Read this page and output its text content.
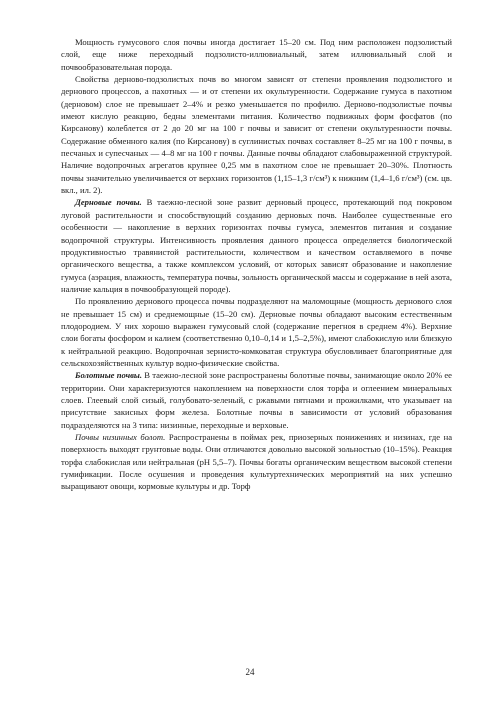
Мощность гумусового слоя почвы иногда достигает 15–20 см. Под ним расположен подзолистый слой, еще ниже переходный подзолисто-иллювиальный, затем иллювиальный слой и почвообразовательная порода.

Свойства дерново-подзолистых почв во многом зависят от степени проявления подзолистого и дернового процессов, а пахотных — и от степени их окультуренности. Содержание гумуса в пахотном (дерновом) слое не превышает 2–4% и резко уменьшается по профилю. Дерново-подзолистые почвы имеют кислую реакцию, бедны элементами питания. Количество подвижных форм фосфатов (по Кирсанову) колеблется от 2 до 20 мг на 100 г почвы и зависит от степени окультуренности почвы. Содержание обменного калия (по Кирсанову) в суглинистых почвах составляет 8–25 мг на 100 г почвы, в песчаных и супесчаных — 4–8 мг на 100 г почвы. Данные почвы обладают слабовыраженной структурой. Наличие водопрочных агрегатов крупнее 0,25 мм в пахотном слое не превышает 20–30%. Плотность почвы значительно увеличивается от верхних горизонтов (1,15–1,3 г/см³) к нижним (1,4–1,6 г/см³) (см. цв. вкл., ил. 2).

Дерновые почвы. В таежно-лесной зоне развит дерновый процесс, протекающий под покровом луговой растительности и способствующий созданию дерновых почв. Наиболее существенные его особенности — накопление в верхних горизонтах почвы гумуса, элементов питания и создание водопрочной структуры. Интенсивность проявления данного процесса определяется биологической продуктивностью травянистой растительности, количеством и качеством оставляемого в почве органического вещества, а также комплексом условий, от которых зависят образование и накопление гумуса (аэрация, влажность, температура почвы, зольность органической массы и содержание в ней азота, наличие кальция в почвообразующей породе).

По проявлению дернового процесса почвы подразделяют на маломощные (мощность дернового слоя не превышает 15 см) и среднемощные (15–20 см). Дерновые почвы обладают высоким естественным плодородием. У них хорошо выражен гумусовый слой (содержание перегноя в среднем 4%). Верхние слои богаты фосфором и калием (соответственно 0,10–0,14 и 1,5–2,5%), имеют слабокислую или близкую к нейтральной реакцию. Водопрочная зернисто-комковатая структура обусловливает благоприятные для сельскохозяйственных культур водно-физические свойства.

Болотные почвы. В таежно-лесной зоне распространены болотные почвы, занимающие около 20% ее территории. Они характеризуются накоплением на поверхности слоя торфа и оглеением минеральных слоев. Глеевый слой сизый, голубовато-зеленый, с ржавыми пятнами и прожилками, что указывает на присутствие закисных форм железа. Болотные почвы в зависимости от условий образования подразделяются на 3 типа: низинные, переходные и верховые.

Почвы низинных болот. Распространены в поймах рек, приозерных понижениях и низинах, где на поверхность выходят грунтовые воды. Они отличаются довольно высокой зольностью (10–15%). Реакция торфа слабокислая или нейтральная (pH 5,5–7). Почвы богаты органическим веществом высокой степени гумификации. После осушения и проведения культуртехнических мероприятий на них успешно выращивают овощи, кормовые культуры и др. Торф

24
